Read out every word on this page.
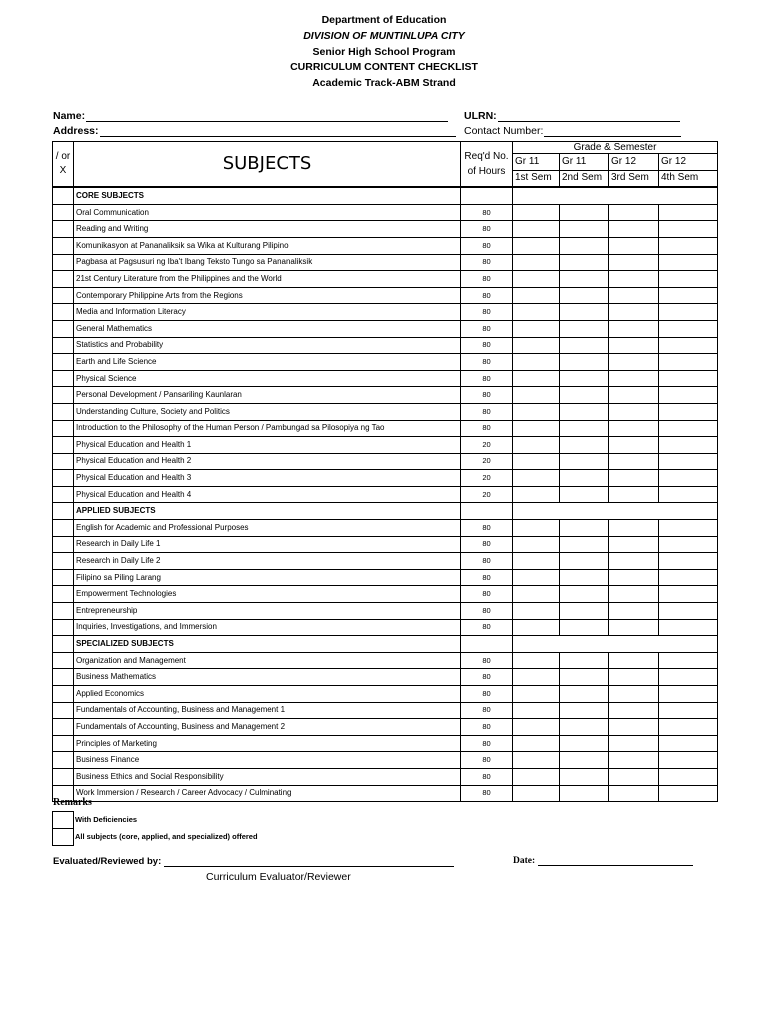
Department of Education
DIVISION OF MUNTINLUPA CITY
Senior High School Program
CURRICULUM CONTENT CHECKLIST
Academic Track-ABM Strand
Name:	ULRN:
Address:	Contact Number:
/ or X	SUBJECTS	Req'd No. of Hours	Grade & Semester			
			Gr 11	Gr 11	Gr 12	Gr 12
			1st Sem	2nd Sem	3rd Sem	4th Sem
	CORE SUBJECTS					
	Oral Communication	80				
	Reading and Writing	80				
	Komunikasyon at Pananaliksik sa Wika at Kulturang Pilipino	80				
	Pagbasa at Pagsusuri ng Iba't Ibang Teksto Tungo sa Pananaliksik	80				
	21st Century Literature from the Philippines and the World	80				
	Contemporary Philippine Arts from the Regions	80				
	Media and Information Literacy	80				
	General Mathematics	80				
	Statistics and Probability	80				
	Earth and Life Science	80				
	Physical Science	80				
	Personal Development / Pansariling Kaunlaran	80				
	Understanding Culture, Society and Politics	80				
	Introduction to the Philosophy of the Human Person / Pambungad sa Pilosopiya ng Tao	80				
	Physical Education and Health 1	20				
	Physical Education and Health 2	20				
	Physical Education and Health 3	20				
	Physical Education and Health 4	20				
	APPLIED SUBJECTS					
	English for Academic and Professional Purposes	80				
	Research in Daily Life 1	80				
	Research in Daily Life 2	80				
	Filipino sa Piling Larang	80				
	Empowerment Technologies	80				
	Entrepreneurship	80				
	Inquiries, Investigations, and Immersion	80				
	SPECIALIZED SUBJECTS					
	Organization and Management	80				
	Business Mathematics	80				
	Applied Economics	80				
	Fundamentals of Accounting, Business and Management 1	80				
	Fundamentals of Accounting, Business and Management 2	80				
	Principles of Marketing	80				
	Business Finance	80				
	Business Ethics and Social Responsibility	80				
	Work Immersion / Research / Career Advocacy / Culminating	80				
Remarks
With Deficiencies
All subjects (core, applied, and specialized) offered
Evaluated/Reviewed by:	Date:
Curriculum Evaluator/Reviewer
